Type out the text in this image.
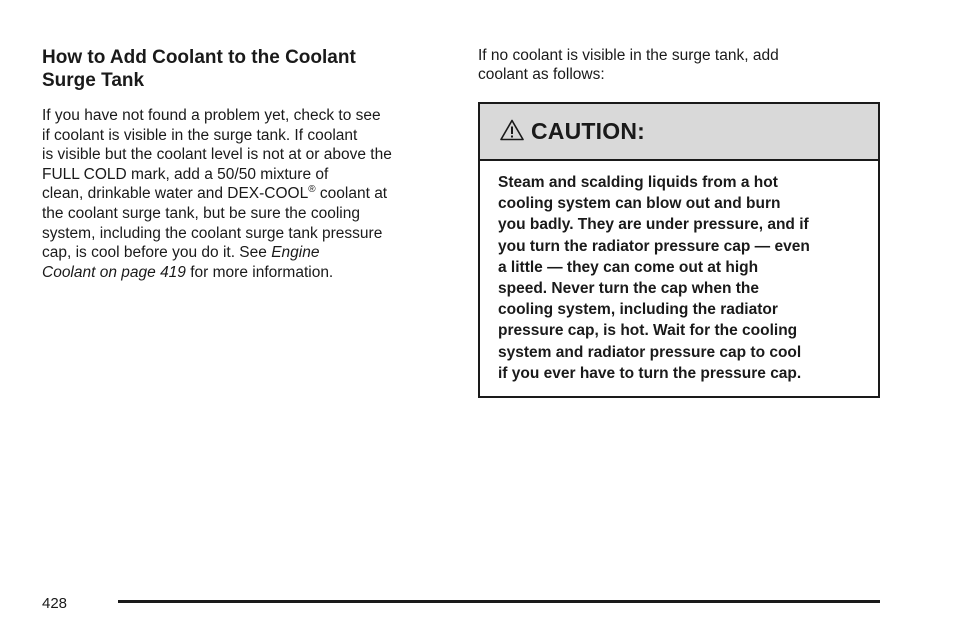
How to Add Coolant to the Coolant
Surge Tank

If you have not found a problem yet, check to see
if coolant is visible in the surge tank. If coolant
is visible but the coolant level is not at or above the
FULL COLD mark, add a 50/50 mixture of
clean, drinkable water and DEX-COOL® coolant at
the coolant surge tank, but be sure the cooling
system, including the coolant surge tank pressure
cap, is cool before you do it. See Engine
Coolant on page 419 for more information.

If no coolant is visible in the surge tank, add
coolant as follows:

CAUTION:
Steam and scalding liquids from a hot
cooling system can blow out and burn
you badly. They are under pressure, and if
you turn the radiator pressure cap — even
a little — they can come out at high
speed. Never turn the cap when the
cooling system, including the radiator
pressure cap, is hot. Wait for the cooling
system and radiator pressure cap to cool
if you ever have to turn the pressure cap.
428
